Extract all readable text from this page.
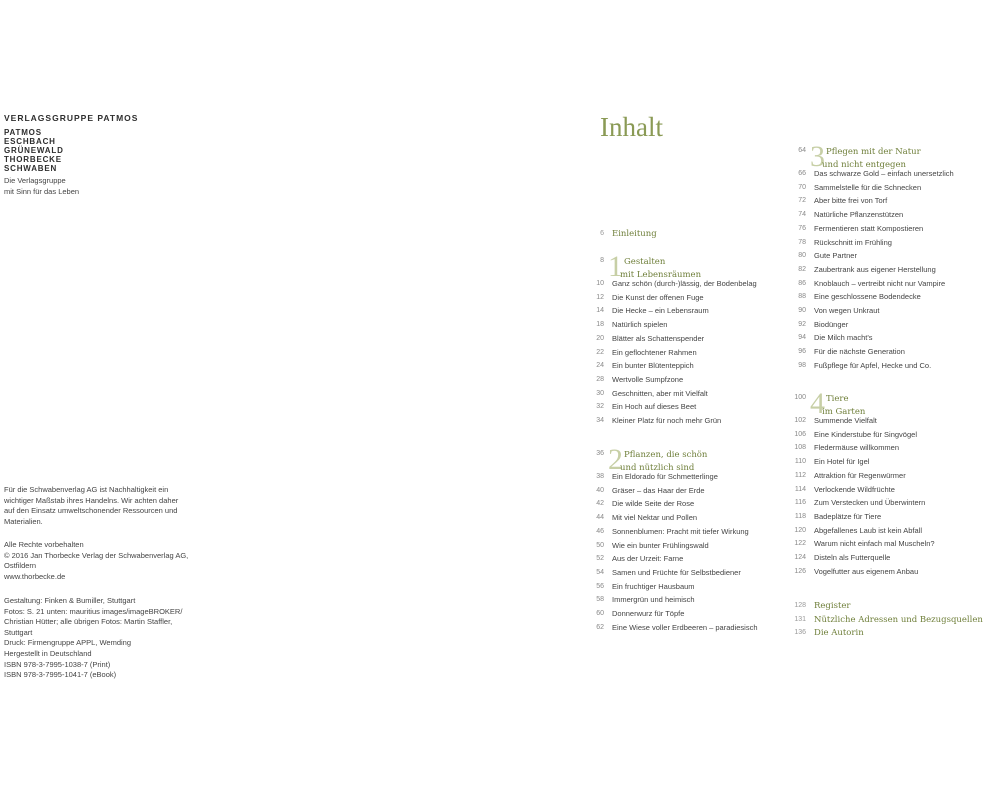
VERLAGSGRUPPE PATMOS
PATMOS
ESCHBACH
GRÜNEWALD
THORBECKE
SCHWABEN
Die Verlagsgruppe
mit Sinn für das Leben
Für die Schwabenverlag AG ist Nachhaltigkeit ein
wichtiger Maßstab ihres Handelns. Wir achten daher
auf den Einsatz umweltschonender Ressourcen und
Materialien.
Alle Rechte vorbehalten
© 2016 Jan Thorbecke Verlag der Schwabenverlag AG,
Ostfildern
www.thorbecke.de
Gestaltung: Finken & Bumiller, Stuttgart
Fotos: S. 21 unten: mauritius images/imageBROKER/
Christian Hütter; alle übrigen Fotos: Martin Staffler,
Stuttgart
Druck: Firmengruppe APPL, Wemding
Hergestellt in Deutschland
ISBN 978-3-7995-1038-7 (Print)
ISBN 978-3-7995-1041-7 (eBook)
Inhalt
6 Einleitung
8 1 Gestalten
mit Lebensräumen
10 Ganz schön (durch-)lässig, der Bodenbelag
12 Die Kunst der offenen Fuge
14 Die Hecke – ein Lebensraum
18 Natürlich spielen
20 Blätter als Schattenspender
22 Ein geflochtener Rahmen
24 Ein bunter Blütenteppich
28 Wertvolle Sumpfzone
30 Geschnitten, aber mit Vielfalt
32 Ein Hoch auf dieses Beet
34 Kleiner Platz für noch mehr Grün
36 2 Pflanzen, die schön
und nützlich sind
38 Ein Eldorado für Schmetterlinge
40 Gräser – das Haar der Erde
42 Die wilde Seite der Rose
44 Mit viel Nektar und Pollen
46 Sonnenblumen: Pracht mit tiefer Wirkung
50 Wie ein bunter Frühlingswald
52 Aus der Urzeit: Farne
54 Samen und Früchte für Selbstbediener
56 Ein fruchtiger Hausbaum
58 Immergrün und heimisch
60 Donnerwurz für Töpfe
62 Eine Wiese voller Erdbeeren – paradiesisch
64 3 Pflegen mit der Natur
und nicht entgegen
66 Das schwarze Gold – einfach unersetzlich
70 Sammelstelle für die Schnecken
72 Aber bitte frei von Torf
74 Natürliche Pflanzenstützen
76 Fermentieren statt Kompostieren
78 Rückschnitt im Frühling
80 Gute Partner
82 Zaubertrank aus eigener Herstellung
86 Knoblauch – vertreibt nicht nur Vampire
88 Eine geschlossene Bodendecke
90 Von wegen Unkraut
92 Biodünger
94 Die Milch macht's
96 Für die nächste Generation
98 Fußpflege für Apfel, Hecke und Co.
100 4 Tiere
im Garten
102 Summende Vielfalt
106 Eine Kinderstube für Singvögel
108 Fledermäuse willkommen
110 Ein Hotel für Igel
112 Attraktion für Regenwürmer
114 Verlockende Wildfrüchte
116 Zum Verstecken und Überwintern
118 Badeplätze für Tiere
120 Abgefallenes Laub ist kein Abfall
122 Warum nicht einfach mal Muscheln?
124 Disteln als Futterquelle
126 Vogelfutter aus eigenem Anbau
128 Register
131 Nützliche Adressen und Bezugsquellen
136 Die Autorin
